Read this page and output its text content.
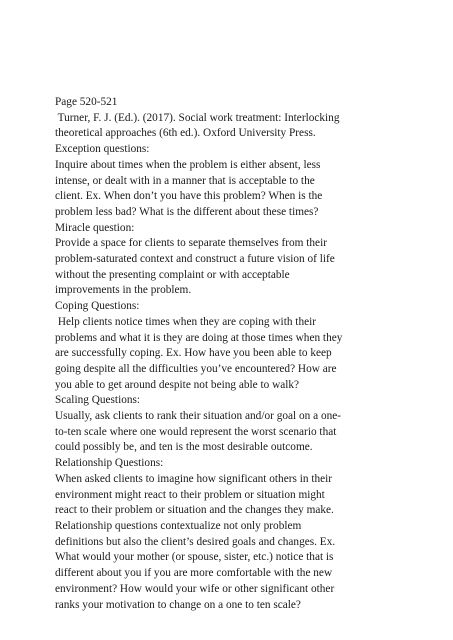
Page 520-521
Turner, F. J. (Ed.). (2017). Social work treatment: Interlocking
theoretical approaches (6th ed.). Oxford University Press.
Exception questions:
Inquire about times when the problem is either absent, less
intense, or dealt with in a manner that is acceptable to the
client. Ex. When don’t you have this problem? When is the
problem less bad? What is the different about these times?
Miracle question:
Provide a space for clients to separate themselves from their
problem-saturated context and construct a future vision of life
without the presenting complaint or with acceptable
improvements in the problem.
Coping Questions:
Help clients notice times when they are coping with their
problems and what it is they are doing at those times when they
are successfully coping. Ex. How have you been able to keep
going despite all the difficulties you’ve encountered? How are
you able to get around despite not being able to walk?
Scaling Questions:
Usually, ask clients to rank their situation and/or goal on a one-
to-ten scale where one would represent the worst scenario that
could possibly be, and ten is the most desirable outcome.
Relationship Questions:
When asked clients to imagine how significant others in their
environment might react to their problem or situation might
react to their problem or situation and the changes they make.
Relationship questions contextualize not only problem
definitions but also the client’s desired goals and changes. Ex.
What would your mother (or spouse, sister, etc.) notice that is
different about you if you are more comfortable with the new
environment? How would your wife or other significant other
ranks your motivation to change on a one to ten scale?
